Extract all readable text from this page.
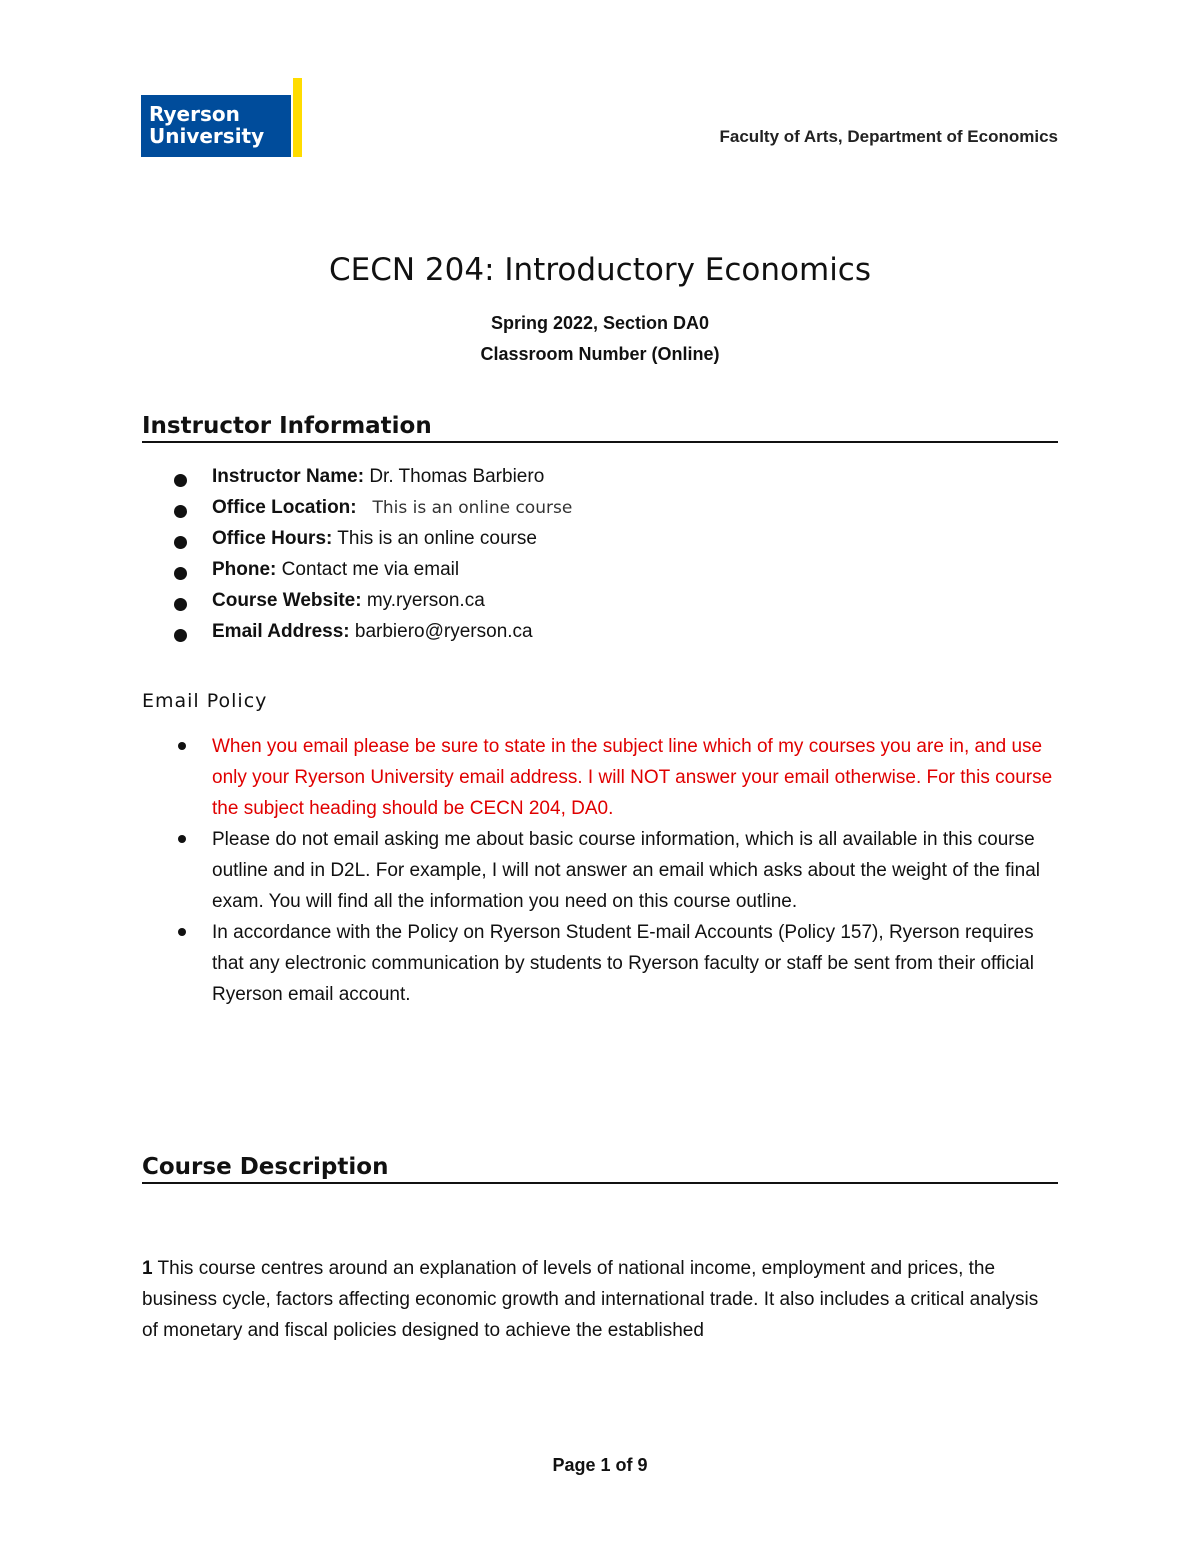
Ryerson
University	Faculty of Arts, Department of Economics
CECN 204: Introductory Economics
Spring 2022, Section DA0
Classroom Number (Online)
Instructor Information
Instructor Name: Dr. Thomas Barbiero
Office Location: This is an online course
Office Hours: This is an online course
Phone: Contact me via email
Course Website: my.ryerson.ca
Email Address: barbiero@ryerson.ca
Email Policy
When you email please be sure to state in the subject line which of my courses you are in, and use only your Ryerson University email address. I will NOT answer your email otherwise. For this course the subject heading should be CECN 204, DA0.
Please do not email asking me about basic course information, which is all available in this course outline and in D2L. For example, I will not answer an email which asks about the weight of the final exam. You will find all the information you need on this course outline.
In accordance with the Policy on Ryerson Student E-mail Accounts (Policy 157), Ryerson requires that any electronic communication by students to Ryerson faculty or staff be sent from their official Ryerson email account.
Course Description
1 This course centres around an explanation of levels of national income, employment and prices, the business cycle, factors affecting economic growth and international trade. It also includes a critical analysis of monetary and fiscal policies designed to achieve the established
Page 1 of 9
